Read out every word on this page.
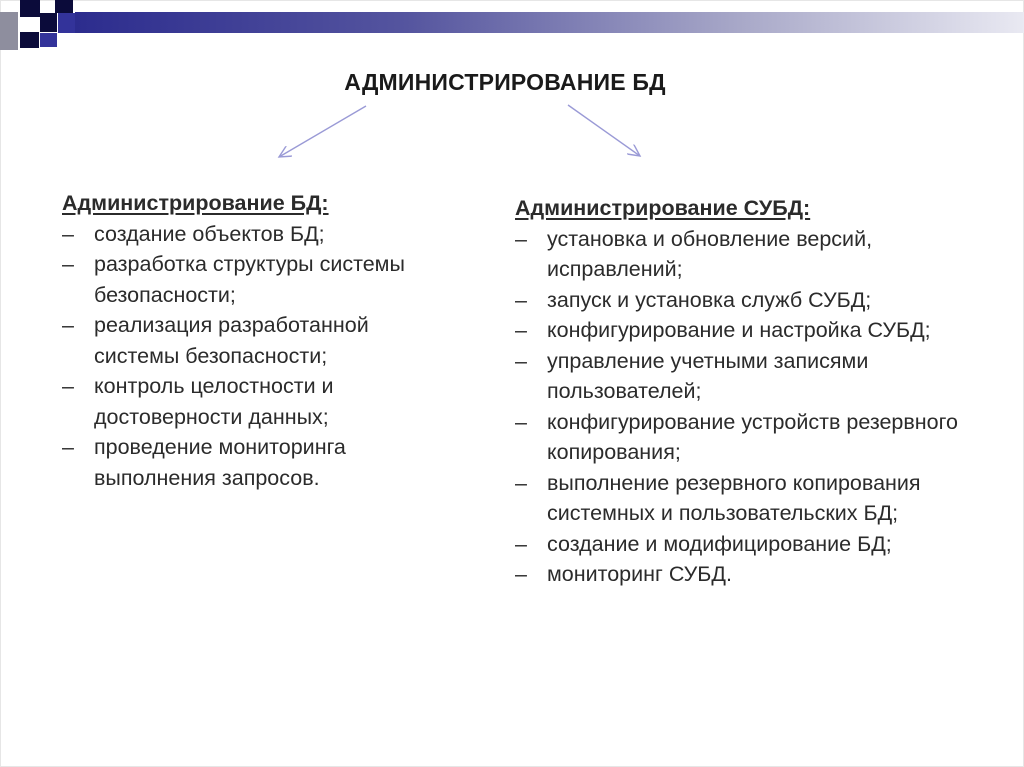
АДМИНИСТРИРОВАНИЕ БД
Администрирование БД:
– создание объектов БД;
– разработка структуры системы безопасности;
– реализация разработанной системы безопасности;
– контроль целостности и достоверности данных;
– проведение мониторинга выполнения запросов.
Администрирование СУБД:
– установка и обновление версий, исправлений;
– запуск и установка служб СУБД;
– конфигурирование и настройка СУБД;
– управление учетными записями пользователей;
– конфигурирование устройств резервного копирования;
– выполнение резервного копирования системных и пользовательских БД;
– создание и модифицирование БД;
– мониторинг СУБД.
